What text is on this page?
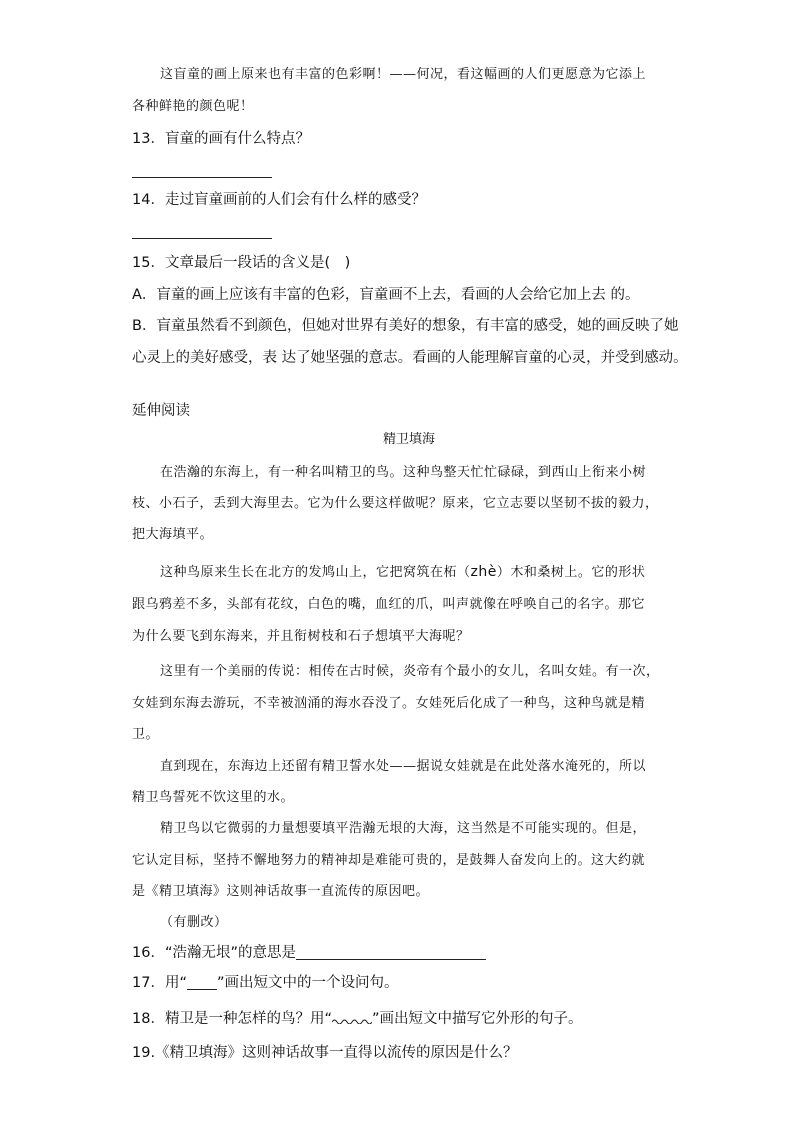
这盲童的画上原来也有丰富的色彩啊！——何况，看这幅画的人们更愿意为它添上
各种鲜艳的颜色呢！
13．盲童的画有什么特点？
14．走过盲童画前的人们会有什么样的感受？
15．文章最后一段话的含义是(　)
A．盲童的画上应该有丰富的色彩，盲童画不上去，看画的人会给它加上去 的。
B．盲童虽然看不到颜色，但她对世界有美好的想象，有丰富的感受，她的画反映了她
心灵上的美好感受，表 达了她坚强的意志。看画的人能理解盲童的心灵，并受到感动。
延伸阅读
精卫填海
在浩瀚的东海上，有一种名叫精卫的鸟。这种鸟整天忙忙碌碌，到西山上衔来小树
枝、小石子，丢到大海里去。它为什么要这样做呢？原来，它立志要以坚韧不拔的毅力，
把大海填平。
这种鸟原来生长在北方的发鸠山上，它把窝筑在柘（zhè）木和桑树上。它的形状
跟乌鸦差不多，头部有花纹，白色的嘴，血红的爪，叫声就像在呼唤自己的名字。那它
为什么要飞到东海来，并且衔树枝和石子想填平大海呢？
这里有一个美丽的传说：相传在古时候，炎帝有个最小的女儿，名叫女娃。有一次，
女娃到东海去游玩，不幸被汹涌的海水吞没了。女娃死后化成了一种鸟，这种鸟就是精
卫。
直到现在，东海边上还留有精卫誓水处——据说女娃就是在此处落水淹死的，所以
精卫鸟誓死不饮这里的水。
精卫鸟以它微弱的力量想要填平浩瀚无垠的大海，这当然是不可能实现的。但是，
它认定目标，坚持不懈地努力的精神却是难能可贵的，是鼓舞人奋发向上的。这大约就
是《精卫填海》这则神话故事一直流传的原因吧。
（有删改）
16．“浩瀚无垠”的意思是
17．用“ ”画出短文中的一个设问句。
18．精卫是一种怎样的鸟？用“	”画出短文中描写它外形的句子。
19.《精卫填海》这则神话故事一直得以流传的原因是什么？
